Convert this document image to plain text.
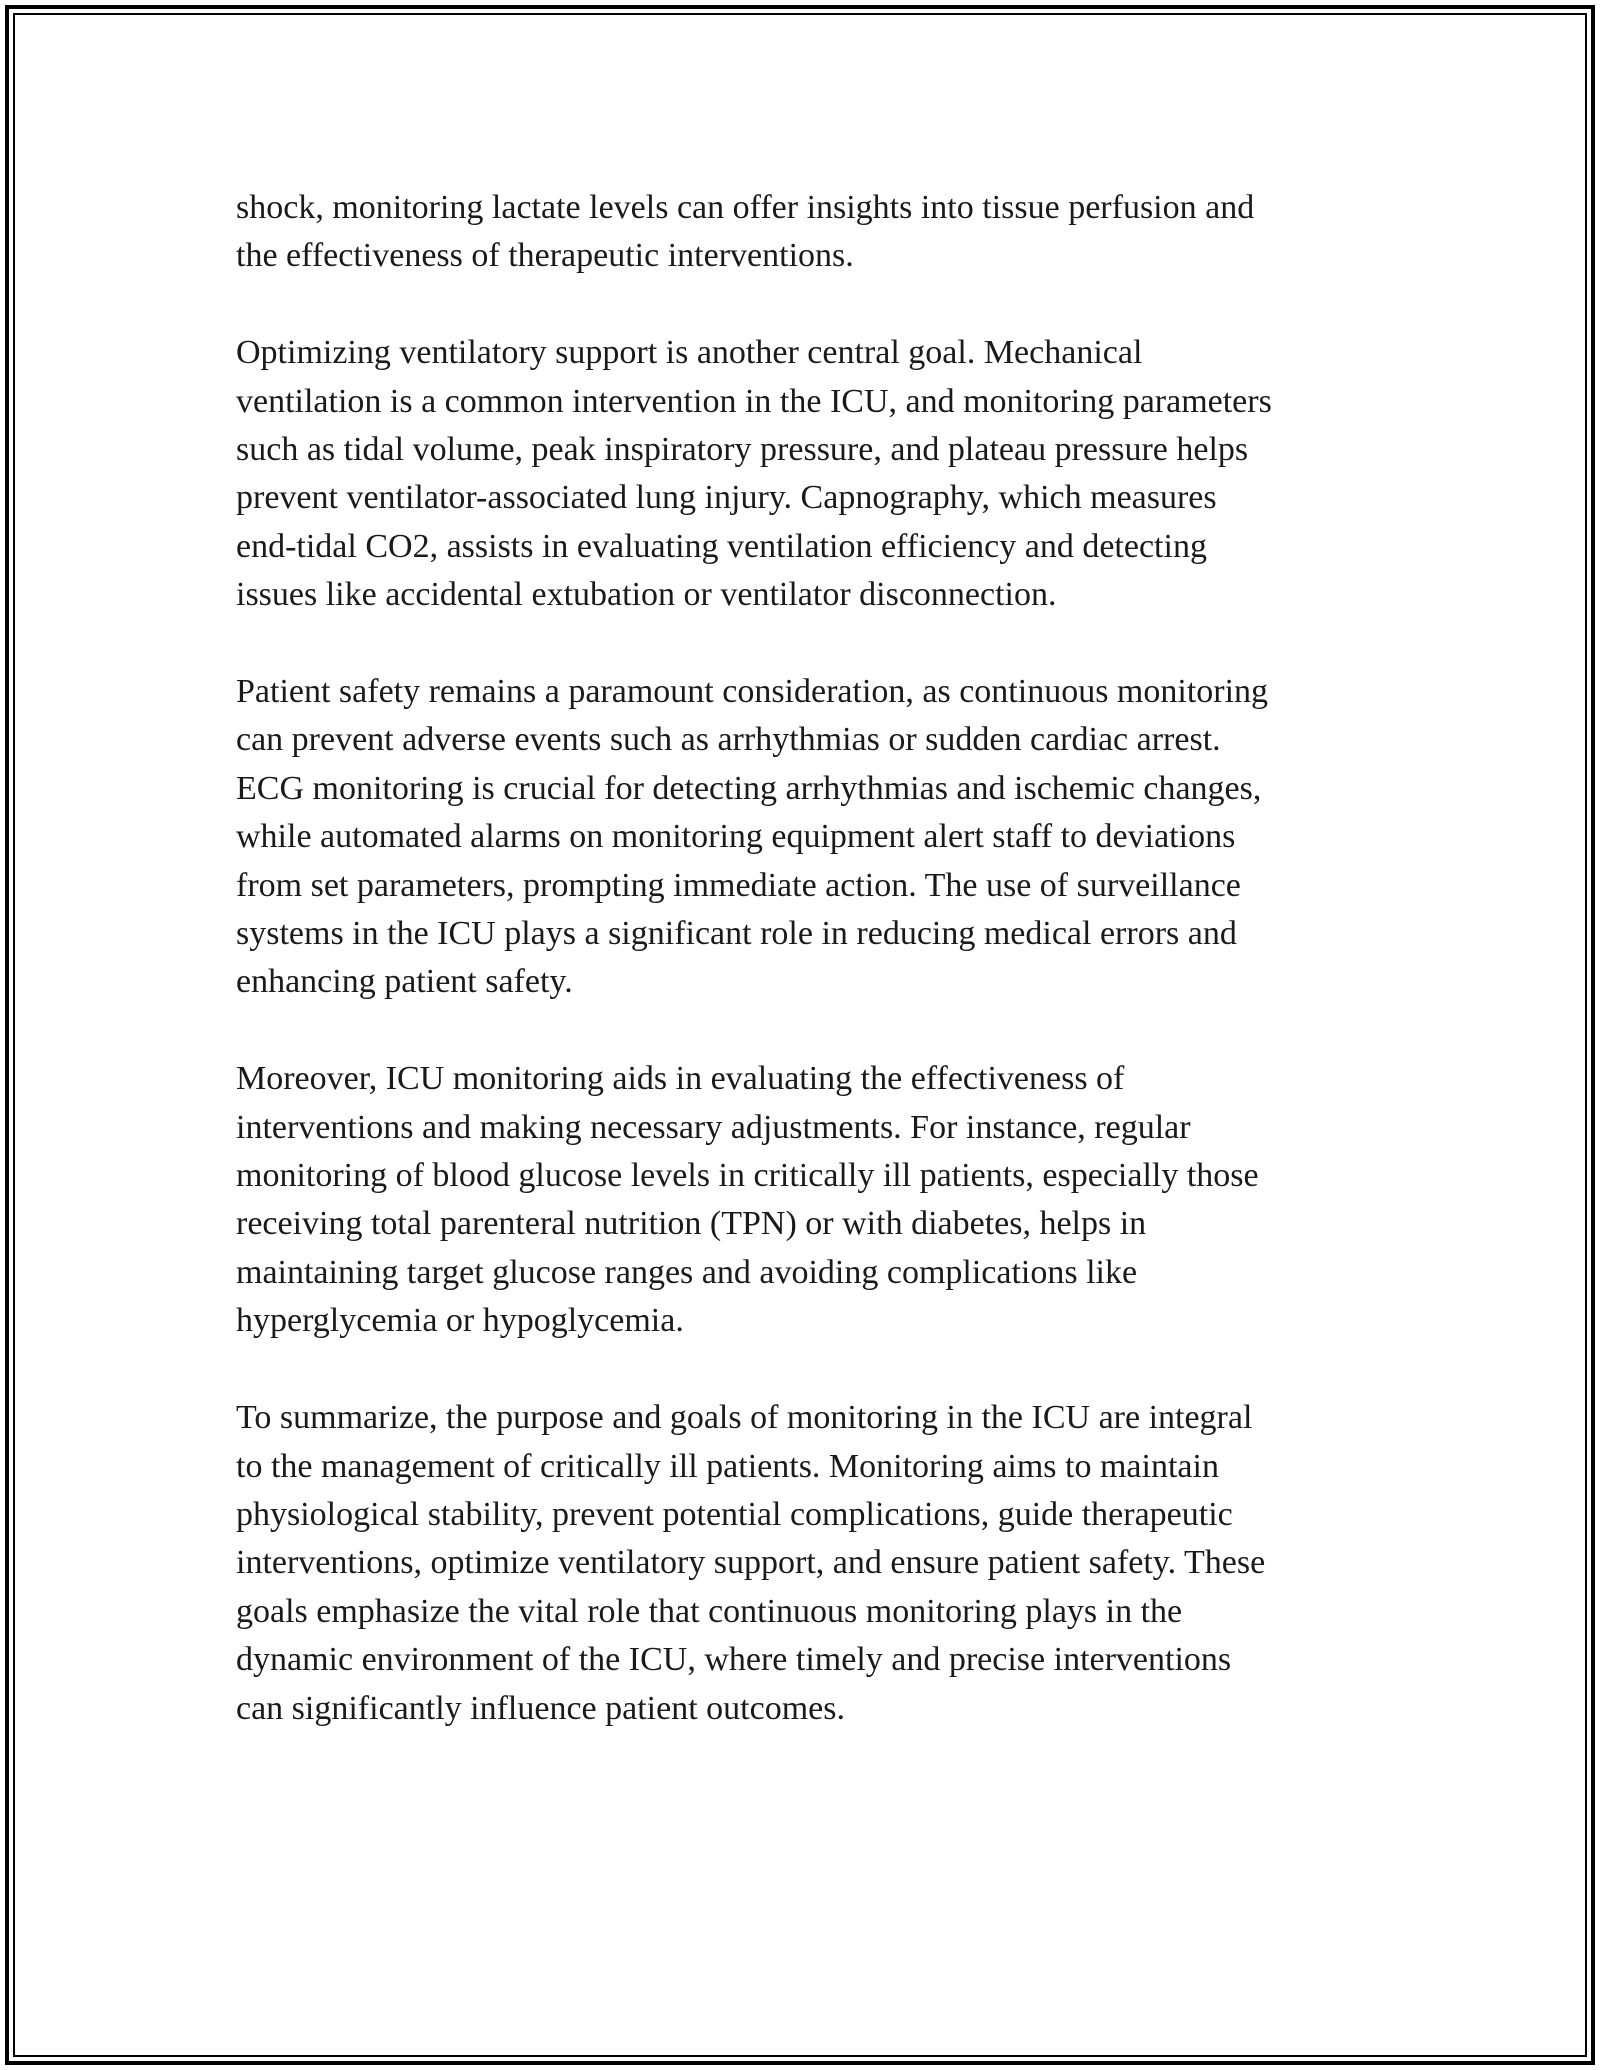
shock, monitoring lactate levels can offer insights into tissue perfusion and
the effectiveness of therapeutic interventions.

Optimizing ventilatory support is another central goal. Mechanical
ventilation is a common intervention in the ICU, and monitoring parameters
such as tidal volume, peak inspiratory pressure, and plateau pressure helps
prevent ventilator-associated lung injury. Capnography, which measures
end-tidal CO2, assists in evaluating ventilation efficiency and detecting
issues like accidental extubation or ventilator disconnection.

Patient safety remains a paramount consideration, as continuous monitoring
can prevent adverse events such as arrhythmias or sudden cardiac arrest.
ECG monitoring is crucial for detecting arrhythmias and ischemic changes,
while automated alarms on monitoring equipment alert staff to deviations
from set parameters, prompting immediate action. The use of surveillance
systems in the ICU plays a significant role in reducing medical errors and
enhancing patient safety.

Moreover, ICU monitoring aids in evaluating the effectiveness of
interventions and making necessary adjustments. For instance, regular
monitoring of blood glucose levels in critically ill patients, especially those
receiving total parenteral nutrition (TPN) or with diabetes, helps in
maintaining target glucose ranges and avoiding complications like
hyperglycemia or hypoglycemia.

To summarize, the purpose and goals of monitoring in the ICU are integral
to the management of critically ill patients. Monitoring aims to maintain
physiological stability, prevent potential complications, guide therapeutic
interventions, optimize ventilatory support, and ensure patient safety. These
goals emphasize the vital role that continuous monitoring plays in the
dynamic environment of the ICU, where timely and precise interventions
can significantly influence patient outcomes.
